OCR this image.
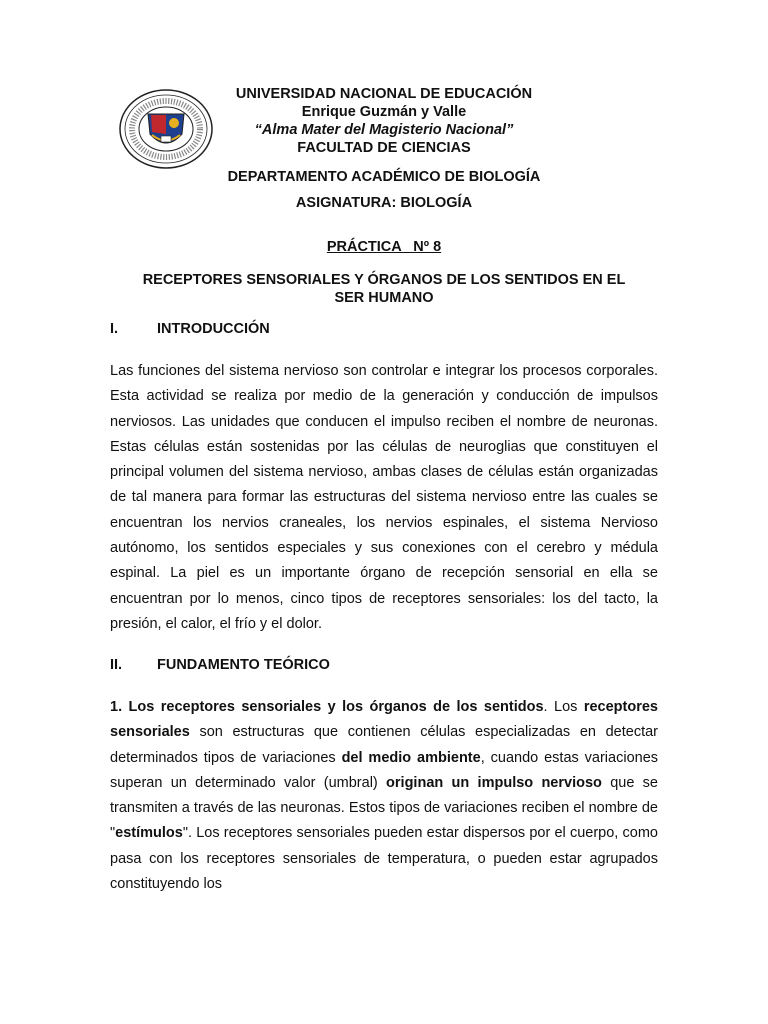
UNIVERSIDAD NACIONAL DE EDUCACIÓN
Enrique Guzmán y Valle
“Alma Mater del Magisterio Nacional”
FACULTAD DE CIENCIAS
DEPARTAMENTO ACADÉMICO DE BIOLOGÍA
ASIGNATURA: BIOLOGÍA
PRÁCTICA   Nº 8
RECEPTORES SENSORIALES Y ÓRGANOS DE LOS SENTIDOS EN EL
SER HUMANO
I.	INTRODUCCIÓN
Las funciones del sistema nervioso son controlar e integrar los procesos corporales. Esta actividad se realiza por medio de la generación y conducción de impulsos nerviosos. Las unidades que conducen el impulso reciben el nombre de neuronas. Estas células están sostenidas por las células de neuroglias que constituyen el principal volumen del sistema nervioso, ambas clases de células están organizadas de tal manera para formar las estructuras del sistema nervioso entre las cuales se encuentran los nervios craneales, los nervios espinales, el sistema Nervioso autónomo, los sentidos especiales y sus conexiones con el cerebro y médula espinal. La piel es un importante órgano de recepción sensorial en ella se encuentran por lo menos, cinco tipos de receptores sensoriales: los del tacto, la presión, el calor, el frío y el dolor.
II. FUNDAMENTO TEÓRICO
1. Los receptores sensoriales y los órganos de los sentidos. Los receptores sensoriales son estructuras que contienen células especializadas en detectar determinados tipos de variaciones del medio ambiente, cuando estas variaciones superan un determinado valor (umbral) originan un impulso nervioso que se transmiten a través de las neuronas. Estos tipos de variaciones reciben el nombre de "estímulos". Los receptores sensoriales pueden estar dispersos por el cuerpo, como pasa con los receptores sensoriales de temperatura, o pueden estar agrupados constituyendo los
